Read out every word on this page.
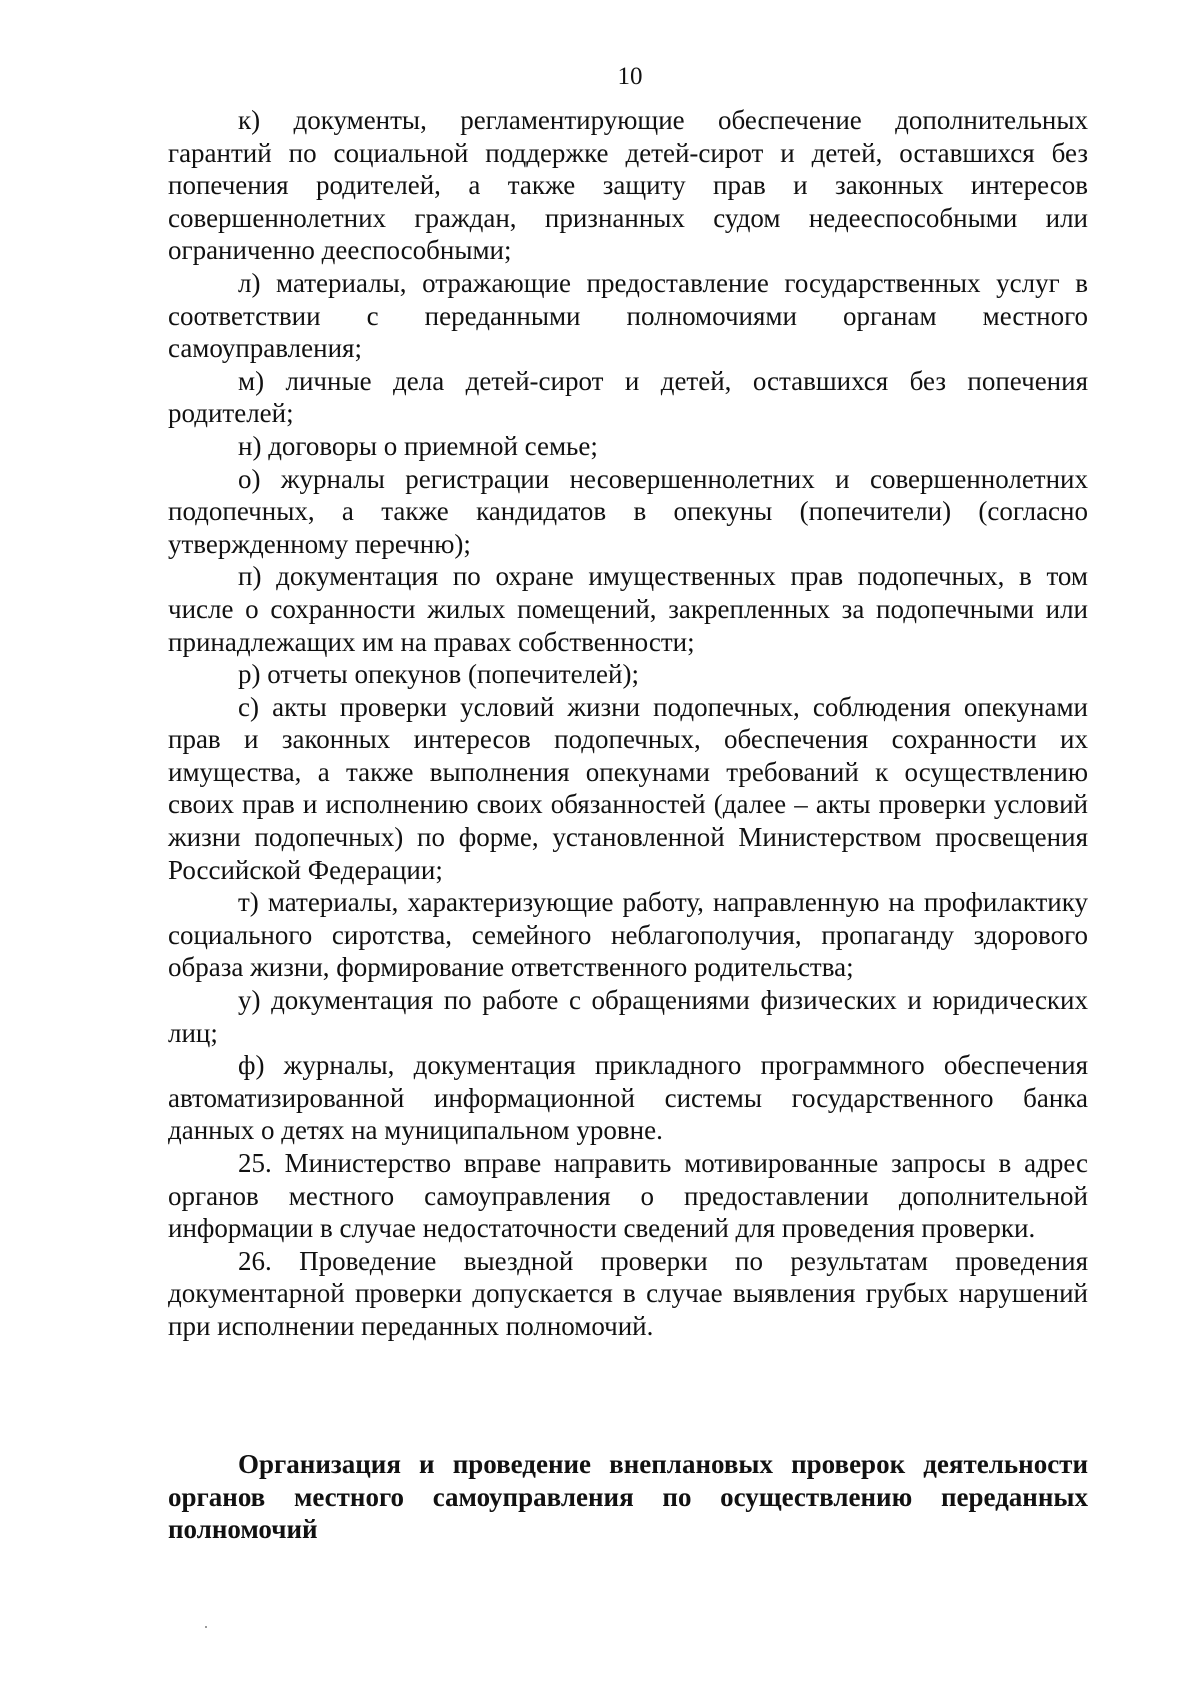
10

к) документы, регламентирующие обеспечение дополнительных гарантий по социальной поддержке детей-сирот и детей, оставшихся без попечения родителей, а также защиту прав и законных интересов совершеннолетних граждан, признанных судом недееспособными или ограниченно дееспособными;

л) материалы, отражающие предоставление государственных услуг в соответствии с переданными полномочиями органам местного самоуправления;

м) личные дела детей-сирот и детей, оставшихся без попечения родителей;

н) договоры о приемной семье;

о) журналы регистрации несовершеннолетних и совершеннолетних подопечных, а также кандидатов в опекуны (попечители) (согласно утвержденному перечню);

п) документация по охране имущественных прав подопечных, в том числе о сохранности жилых помещений, закрепленных за подопечными или принадлежащих им на правах собственности;

р) отчеты опекунов (попечителей);

с) акты проверки условий жизни подопечных, соблюдения опекунами прав и законных интересов подопечных, обеспечения сохранности их имущества, а также выполнения опекунами требований к осуществлению своих прав и исполнению своих обязанностей (далее – акты проверки условий жизни подопечных) по форме, установленной Министерством просвещения Российской Федерации;

т) материалы, характеризующие работу, направленную на профилактику социального сиротства, семейного неблагополучия, пропаганду здорового образа жизни, формирование ответственного родительства;

у) документация по работе с обращениями физических и юридических лиц;

ф) журналы, документация прикладного программного обеспечения автоматизированной информационной системы государственного банка данных о детях на муниципальном уровне.

25. Министерство вправе направить мотивированные запросы в адрес органов местного самоуправления о предоставлении дополнительной информации в случае недостаточности сведений для проведения проверки.

26. Проведение выездной проверки по результатам проведения документарной проверки допускается в случае выявления грубых нарушений при исполнении переданных полномочий.

Организация и проведение внеплановых проверок деятельности органов местного самоуправления по осуществлению переданных полномочий
